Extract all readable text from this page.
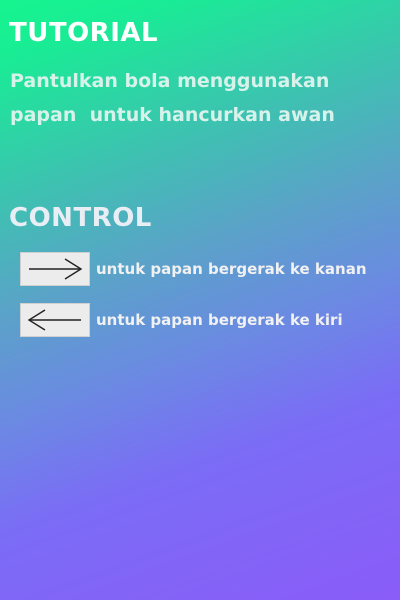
TUTORIAL
Pantulkan bola menggunakan
papan  untuk hancurkan awan
CONTROL
untuk papan bergerak ke kanan
untuk papan bergerak ke kiri
